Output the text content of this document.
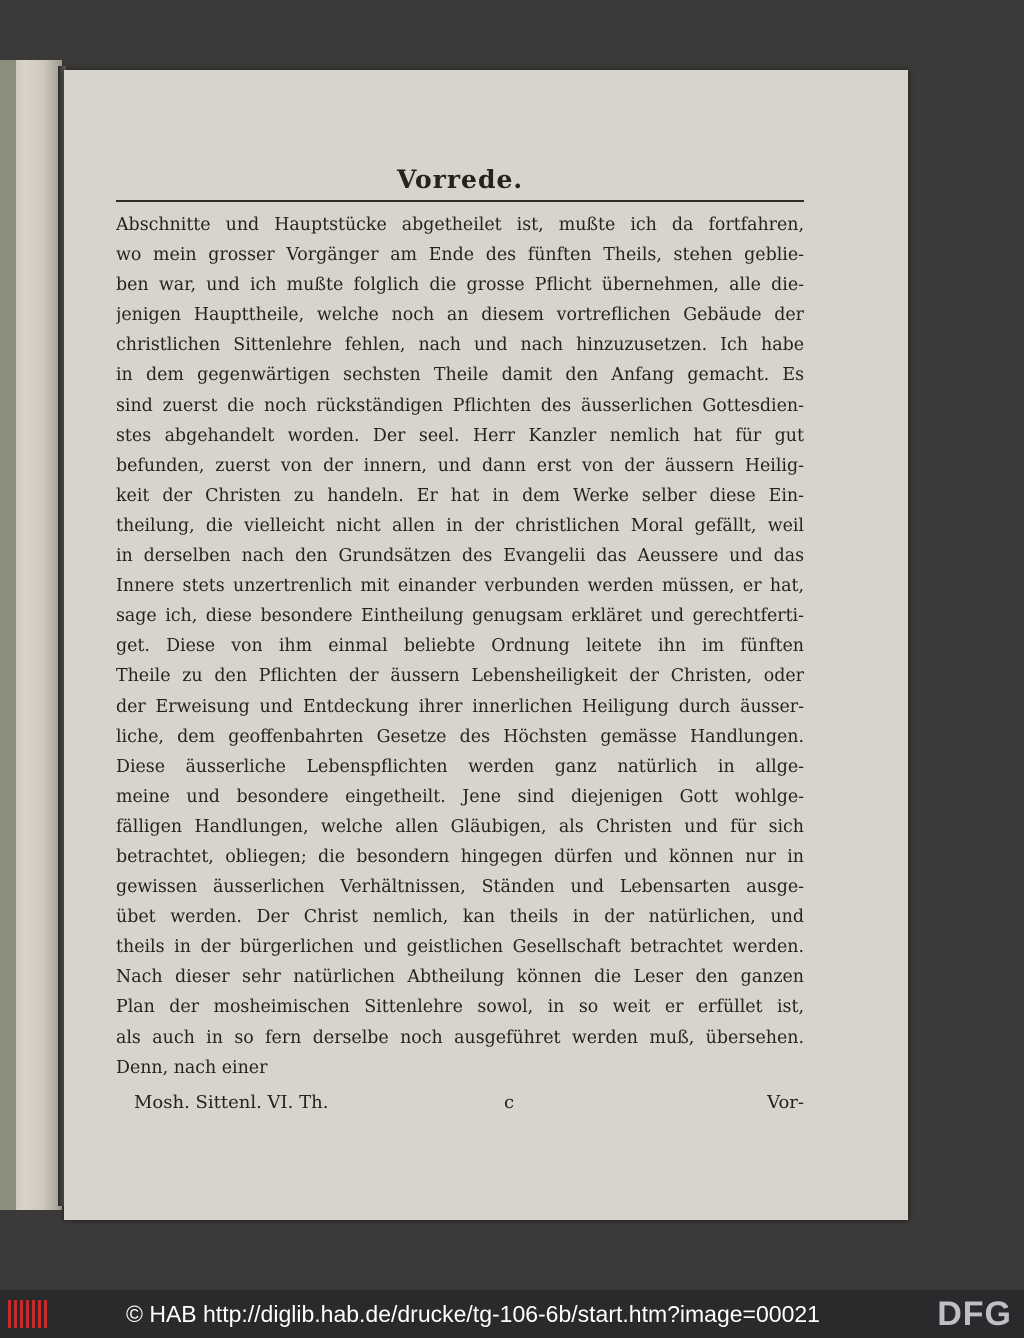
Vorrede.
Abschnitte und Hauptstücke abgetheilet ist, mußte ich da fortfahren,
wo mein grosser Vorgänger am Ende des fünften Theils, stehen geblie-
ben war, und ich mußte folglich die grosse Pflicht übernehmen, alle die-
jenigen Haupttheile, welche noch an diesem vortreflichen Gebäude der
christlichen Sittenlehre fehlen, nach und nach hinzuzusetzen. Ich habe
in dem gegenwärtigen sechsten Theile damit den Anfang gemacht. Es
sind zuerst die noch rückständigen Pflichten des äusserlichen Gottesdien-
stes abgehandelt worden. Der seel. Herr Kanzler nemlich hat für gut
befunden, zuerst von der innern, und dann erst von der äussern Heilig-
keit der Christen zu handeln. Er hat in dem Werke selber diese Ein-
theilung, die vielleicht nicht allen in der christlichen Moral gefällt, weil
in derselben nach den Grundsätzen des Evangelii das Aeussere und das
Innere stets unzertrenlich mit einander verbunden werden müssen, er hat,
sage ich, diese besondere Eintheilung genugsam erkläret und gerechtferti-
get. Diese von ihm einmal beliebte Ordnung leitete ihn im fünften
Theile zu den Pflichten der äussern Lebensheiligkeit der Christen, oder
der Erweisung und Entdeckung ihrer innerlichen Heiligung durch äusser-
liche, dem geoffenbahrten Gesetze des Höchsten gemässe Handlungen.
Diese äusserliche Lebenspflichten werden ganz natürlich in allge-
meine und besondere eingetheilt. Jene sind diejenigen Gott wohlge-
fälligen Handlungen, welche allen Gläubigen, als Christen und für sich
betrachtet, obliegen; die besondern hingegen dürfen und können nur in
gewissen äusserlichen Verhältnissen, Ständen und Lebensarten ausge-
übet werden. Der Christ nemlich, kan theils in der natürlichen, und
theils in der bürgerlichen und geistlichen Gesellschaft betrachtet werden.
Nach dieser sehr natürlichen Abtheilung können die Leser den ganzen
Plan der mosheimischen Sittenlehre sowol, in so weit er erfüllet ist,
als auch in so fern derselbe noch ausgeführet werden muß, übersehen.
Denn, nach einer
Mosh. Sittenl. VI. Th.	c	Vor-
© HAB http://diglib.hab.de/drucke/tg-106-6b/start.htm?image=00021	DFG
